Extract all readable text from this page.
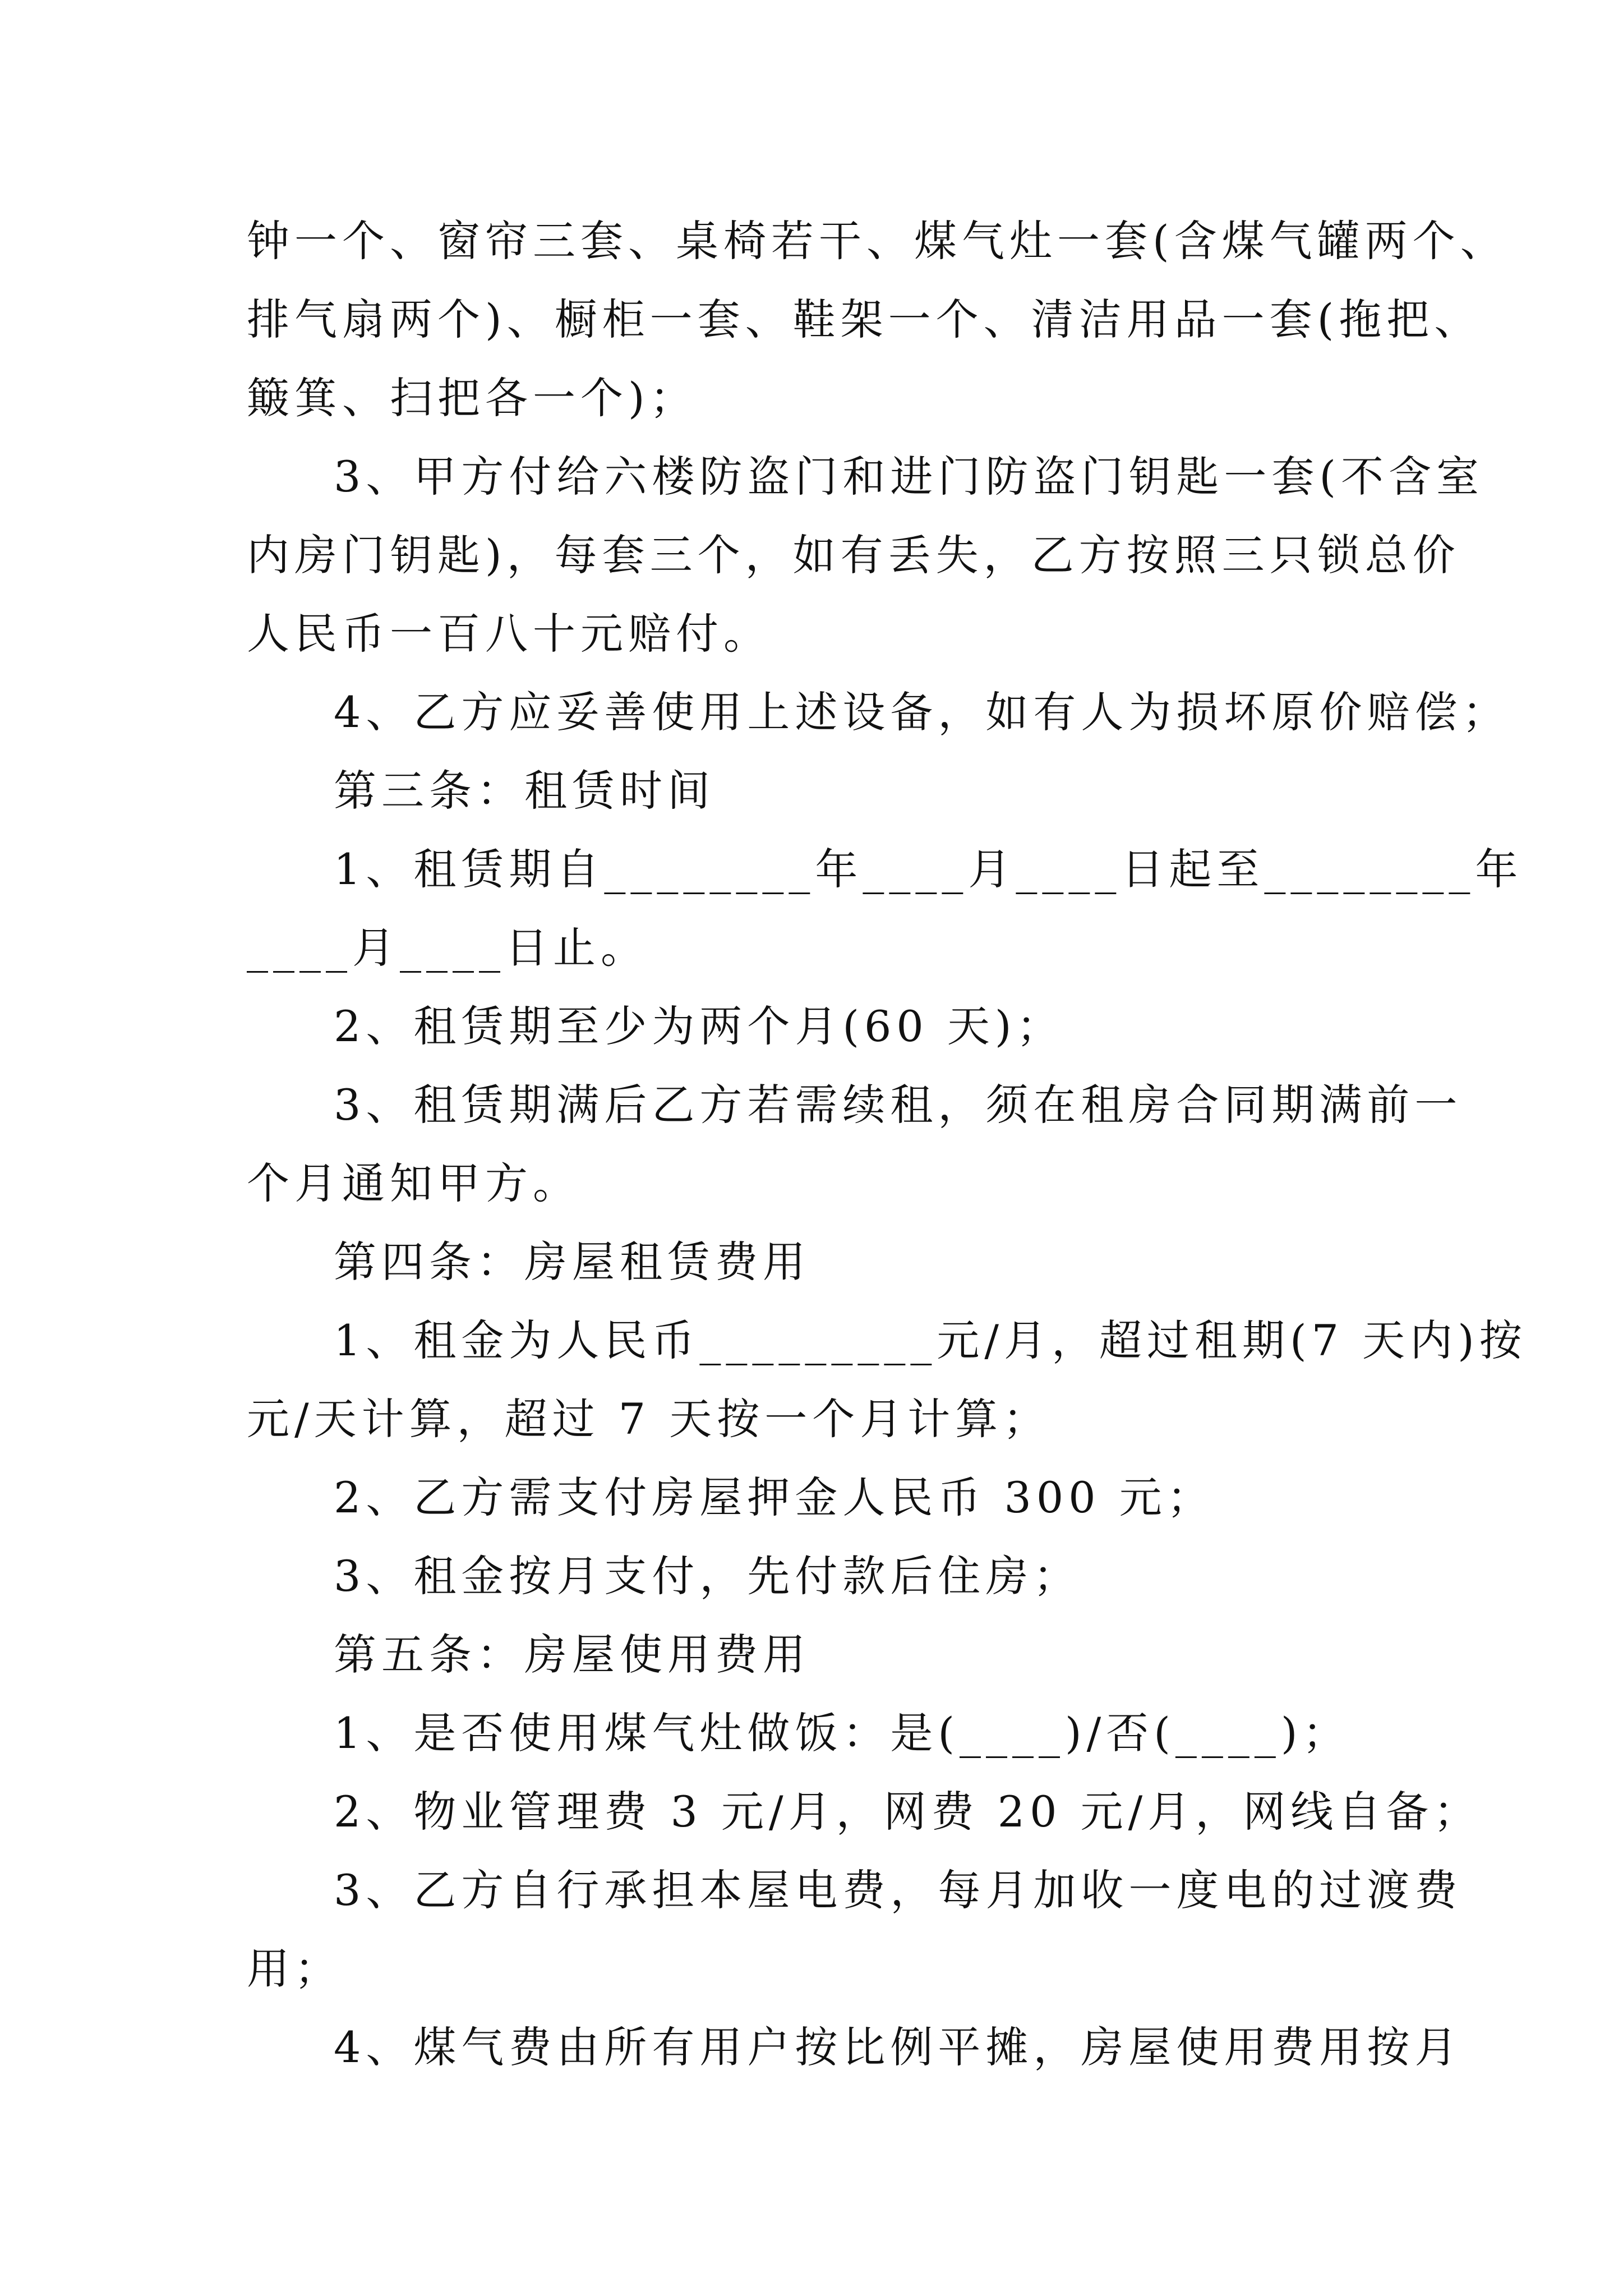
钟一个、窗帘三套、桌椅若干、煤气灶一套(含煤气罐两个、
排气扇两个)、橱柜一套、鞋架一个、清洁用品一套(拖把、
簸箕、扫把各一个)；
3、甲方付给六楼防盗门和进门防盗门钥匙一套(不含室
内房门钥匙)，每套三个，如有丢失，乙方按照三只锁总价
人民币一百八十元赔付。
4、乙方应妥善使用上述设备，如有人为损坏原价赔偿；
第三条：租赁时间
1、租赁期自________年____月____日起至________年
____月____日止。
2、租赁期至少为两个月(60 天)；
3、租赁期满后乙方若需续租，须在租房合同期满前一
个月通知甲方。
第四条：房屋租赁费用
1、租金为人民币_________元/月，超过租期(7 天内)按
元/天计算，超过 7 天按一个月计算；
2、乙方需支付房屋押金人民币 300 元；
3、租金按月支付，先付款后住房；
第五条：房屋使用费用
1、是否使用煤气灶做饭：是(____)/否(____)；
2、物业管理费 3 元/月，网费 20 元/月，网线自备；
3、乙方自行承担本屋电费，每月加收一度电的过渡费
用；
4、煤气费由所有用户按比例平摊，房屋使用费用按月
